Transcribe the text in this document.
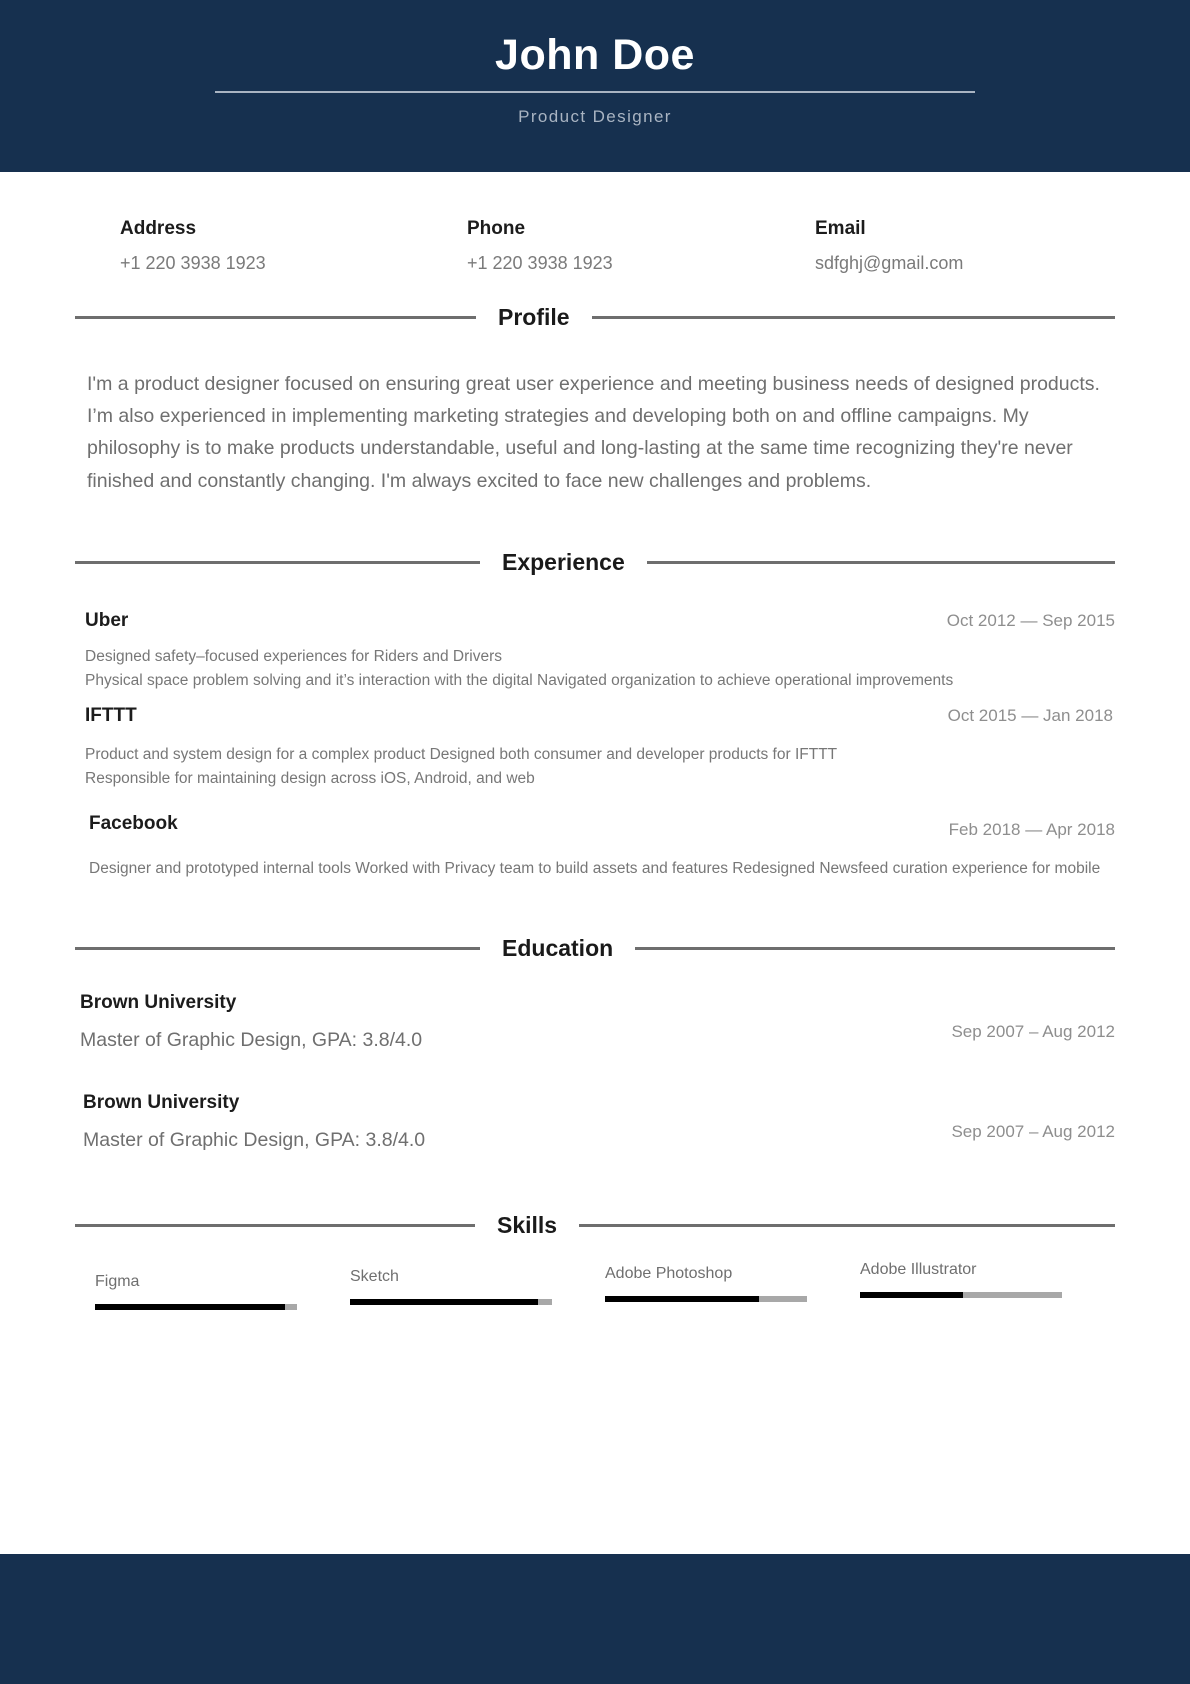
John Doe
Product Designer
Address
+1 220 3938 1923
Phone
+1 220 3938 1923
Email
sdfghj@gmail.com
Profile
I'm a product designer focused on ensuring great user experience and meeting business needs of designed products. I’m also experienced in implementing marketing strategies and developing both on and offline campaigns. My philosophy is to make products understandable, useful and long-lasting at the same time recognizing they're never finished and constantly changing. I'm always excited to face new challenges and problems.
Experience
Uber	Oct 2012 — Sep 2015
Designed safety–focused experiences for Riders and Drivers
Physical space problem solving and it’s interaction with the digital Navigated organization to achieve operational improvements
IFTTT	Oct 2015 — Jan 2018
Product and system design for a complex product Designed both consumer and developer products for IFTTT
Responsible for maintaining design across iOS, Android, and web
Facebook	Feb 2018 — Apr 2018
Designer and prototyped internal tools Worked with Privacy team to build assets and features Redesigned Newsfeed curation experience for mobile
Education
Brown University
Master of Graphic Design, GPA: 3.8/4.0	Sep 2007 – Aug 2012
Brown University
Master of Graphic Design, GPA: 3.8/4.0	Sep 2007 – Aug 2012
Skills
Figma	Sketch	Adobe Photoshop	Adobe Illustrator
